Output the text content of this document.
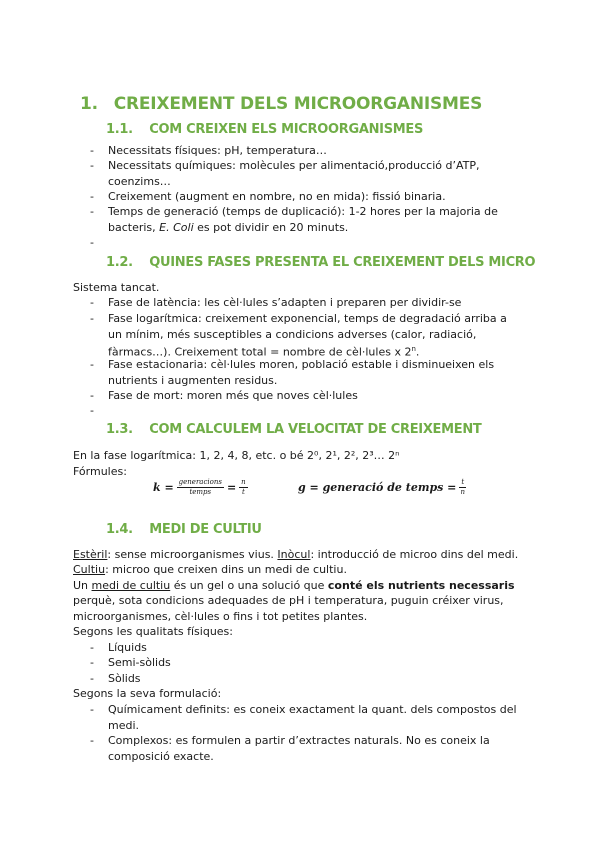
1. CREIXEMENT DELS MICROORGANISMES
1.1. COM CREIXEN ELS MICROORGANISMES
- Necessitats físiques: pH, temperatura…
- Necessitats químiques: molècules per alimentació,producció d’ATP, coenzims…
- Creixement (augment en nombre, no en mida): fissió binaria.
- Temps de generació (temps de duplicació): 1-2 hores per la majoria de bacteris, E. Coli es pot dividir en 20 minuts.
-
1.2. QUINES FASES PRESENTA EL CREIXEMENT DELS MICRO
Sistema tancat.
- Fase de latència: les cèl·lules s’adapten i preparen per dividir-se
- Fase logarítmica: creixement exponencial, temps de degradació arriba a un mínim, més susceptibles a condicions adverses (calor, radiació, fàrmacs…). Creixement total = nombre de cèl·lules x 2$^n$.
- Fase estacionaria: cèl·lules moren, població estable i disminueixen els nutrients i augmenten residus.
- Fase de mort: moren més que noves cèl·lules
-
1.3. COM CALCULEM LA VELOCITAT DE CREIXEMENT
En la fase logarítmica: 1, 2, 4, 8, etc. o bé 2⁰, 2¹, 2², 2³… 2ⁿ
Fórmules:
$k = \frac{\text{generacions}}{\text{temps}} = \frac{n}{t}$	g = generació de temps = $\frac{t}{n}$
1.4. MEDI DE CULTIU
Estèril: sense microorganismes vius. Inòcul: introducció de microo dins del medi.
Cultiu: microo que creixen dins un medi de cultiu.
Un medi de cultiu és un gel o una solució que conté els nutrients necessaris
perquè, sota condicions adequades de pH i temperatura, puguin créixer virus,
microorganismes, cèl·lules o fins i tot petites plantes.
Segons les qualitats físiques:
- Líquids
- Semi-sòlids
- Sòlids
Segons la seva formulació:
- Químicament definits: es coneix exactament la quant. dels compostos del medi.
- Complexos: es formulen a partir d’extractes naturals. No es coneix la composició exacte.
